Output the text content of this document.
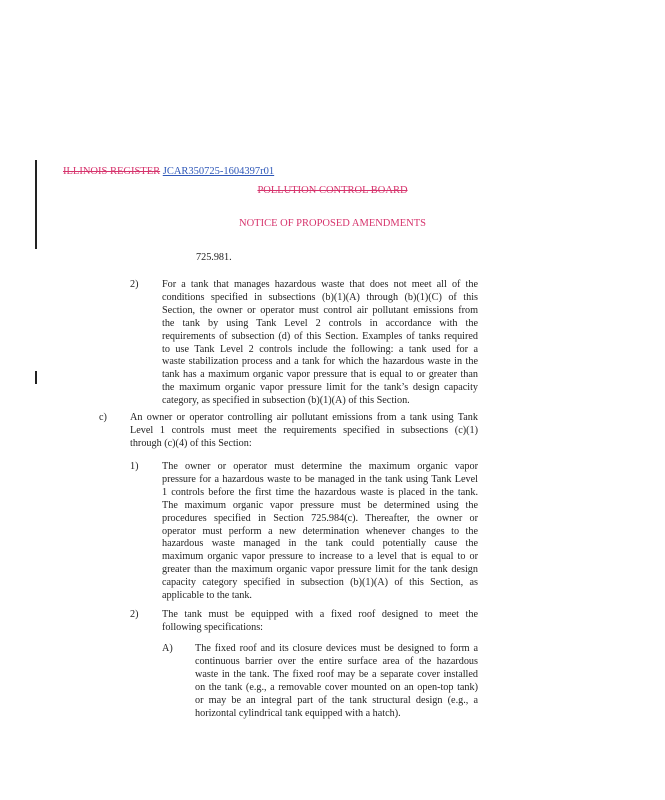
ILLINOIS REGISTER JCAR350725-1604397r01
POLLUTION CONTROL BOARD
NOTICE OF PROPOSED AMENDMENTS
725.981.
2) For a tank that manages hazardous waste that does not meet all of the
conditions specified in subsections (b)(1)(A) through (b)(1)(C) of this
Section, the owner or operator must control air pollutant emissions from
the tank by using Tank Level 2 controls in accordance with the
requirements of subsection (d) of this Section. Examples of tanks required
to use Tank Level 2 controls include the following: a tank used for a
waste stabilization process and a tank for which the hazardous waste in the
tank has a maximum organic vapor pressure that is equal to or greater than
the maximum organic vapor pressure limit for the tank’s design capacity
category, as specified in subsection (b)(1)(A) of this Section.
c) An owner or operator controlling air pollutant emissions from a tank using Tank
Level 1 controls must meet the requirements specified in subsections (c)(1)
through (c)(4) of this Section:
1) The owner or operator must determine the maximum organic vapor
pressure for a hazardous waste to be managed in the tank using Tank Level
1 controls before the first time the hazardous waste is placed in the tank.
The maximum organic vapor pressure must be determined using the
procedures specified in Section 725.984(c). Thereafter, the owner or
operator must perform a new determination whenever changes to the
hazardous waste managed in the tank could potentially cause the
maximum organic vapor pressure to increase to a level that is equal to or
greater than the maximum organic vapor pressure limit for the tank design
capacity category specified in subsection (b)(1)(A) of this Section, as
applicable to the tank.
2) The tank must be equipped with a fixed roof designed to meet the
following specifications:
A) The fixed roof and its closure devices must be designed to form a
continuous barrier over the entire surface area of the hazardous
waste in the tank. The fixed roof may be a separate cover installed
on the tank (e.g., a removable cover mounted on an open-top tank)
or may be an integral part of the tank structural design (e.g., a
horizontal cylindrical tank equipped with a hatch).
